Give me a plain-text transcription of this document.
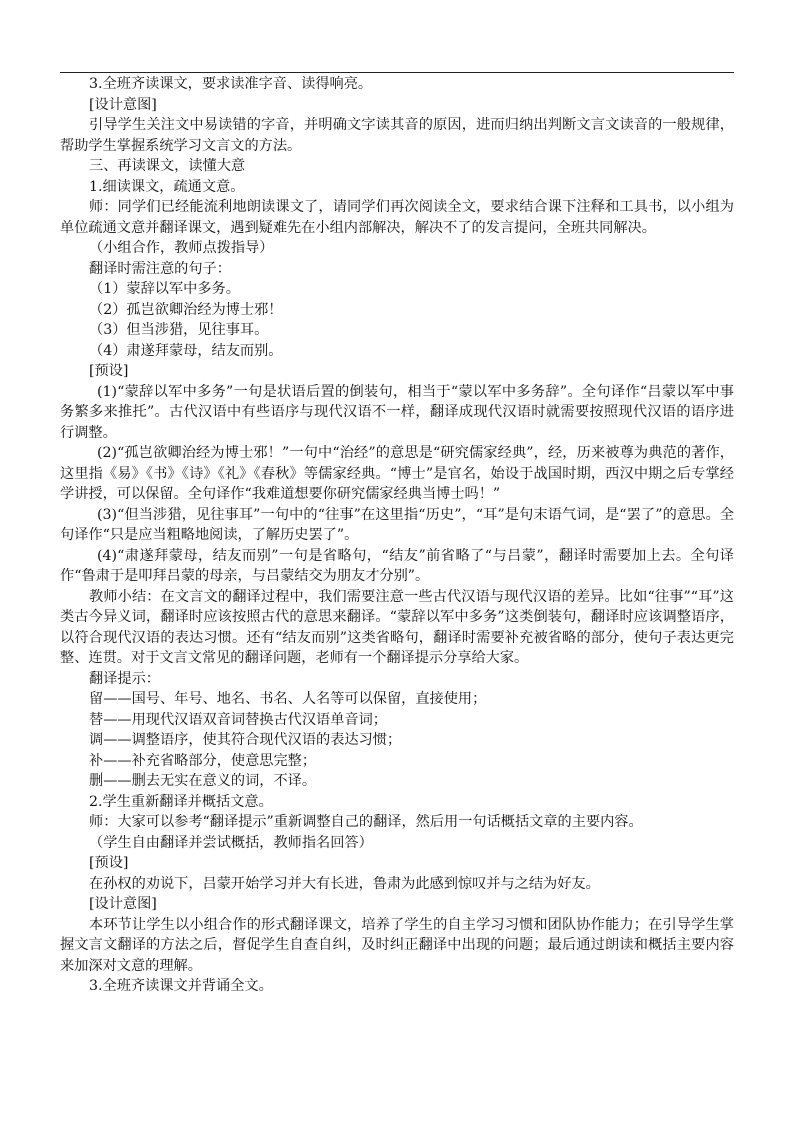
3.全班齐读课文，要求读准字音、读得响亮。

[设计意图]

引导学生关注文中易读错的字音，并明确文字读其音的原因，进而归纳出判断文言文读音的一般规律，帮助学生掌握系统学习文言文的方法。

三、再读课文，读懂大意

1.细读课文，疏通文意。

师：同学们已经能流利地朗读课文了，请同学们再次阅读全文，要求结合课下注释和工具书，以小组为单位疏通文意并翻译课文，遇到疑难先在小组内部解决，解决不了的发言提问，全班共同解决。

（小组合作，教师点拨指导）

翻译时需注意的句子：

（1）蒙辞以军中多务。

（2）孤岂欲卿治经为博士邪！

（3）但当涉猎，见往事耳。

（4）肃遂拜蒙母，结友而别。

[预设]

(1)“蒙辞以军中多务”一句是状语后置的倒装句，相当于“蒙以军中多务辞”。全句译作“吕蒙以军中事务繁多来推托”。古代汉语中有些语序与现代汉语不一样，翻译成现代汉语时就需要按照现代汉语的语序进行调整。

(2)“孤岂欲卿治经为博士邪！”一句中“治经”的意思是“研究儒家经典”，经，历来被尊为典范的著作，这里指《易》《书》《诗》《礼》《春秋》等儒家经典。“博士”是官名，始设于战国时期，西汉中期之后专掌经学讲授，可以保留。全句译作“我难道想要你研究儒家经典当博士吗！”

(3)“但当涉猎，见往事耳”一句中的“往事”在这里指“历史”，“耳”是句末语气词，是“罢了”的意思。全句译作“只是应当粗略地阅读，了解历史罢了”。

(4)“肃遂拜蒙母，结友而别”一句是省略句，“结友”前省略了“与吕蒙”，翻译时需要加上去。全句译作“鲁肃于是叩拜吕蒙的母亲，与吕蒙结交为朋友才分别”。

教师小结：在文言文的翻译过程中，我们需要注意一些古代汉语与现代汉语的差异。比如“往事”“耳”这类古今异义词，翻译时应该按照古代的意思来翻译。“蒙辞以军中多务”这类倒装句，翻译时应该调整语序，以符合现代汉语的表达习惯。还有“结友而别”这类省略句，翻译时需要补充被省略的部分，使句子表达更完整、连贯。对于文言文常见的翻译问题，老师有一个翻译提示分享给大家。

翻译提示：

留——国号、年号、地名、书名、人名等可以保留，直接使用；

替——用现代汉语双音词替换古代汉语单音词；

调——调整语序，使其符合现代汉语的表达习惯；

补——补充省略部分，使意思完整；

删——删去无实在意义的词，不译。

2.学生重新翻译并概括文意。

师：大家可以参考“翻译提示”重新调整自己的翻译，然后用一句话概括文章的主要内容。

（学生自由翻译并尝试概括，教师指名回答）

[预设]

在孙权的劝说下，吕蒙开始学习并大有长进，鲁肃为此感到惊叹并与之结为好友。

[设计意图]

本环节让学生以小组合作的形式翻译课文，培养了学生的自主学习习惯和团队协作能力；在引导学生掌握文言文翻译的方法之后，督促学生自查自纠，及时纠正翻译中出现的问题；最后通过朗读和概括主要内容来加深对文意的理解。

3.全班齐读课文并背诵全文。
